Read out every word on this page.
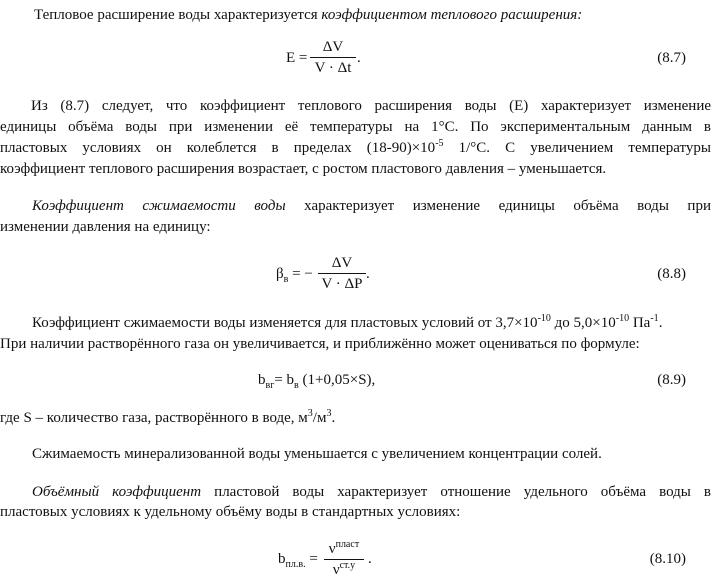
Тепловое расширение воды характеризуется коэффициентом теплового расширения:
E =
ΔV
V · Δt
.	(8.7)
Из (8.7) следует, что коэффициент теплового расширения воды (Е) характеризует изменение
единицы объёма воды при изменении её температуры на 1°С. По экспериментальным данным в
пластовых условиях он колеблется в пределах $(18-90)\times 10^{-5}$ 1/°С. С увеличением температуры
коэффициент теплового расширения возрастает, с ростом пластового давления – уменьшается.
Коэффициент сжимаемости воды характеризует изменение единицы объёма воды при
изменении давления на единицу:
$\beta_в$ = −
ΔV
V · ΔP
.	(8.8)
Коэффициент сжимаемости воды изменяется для пластовых условий от $3,7\times 10^{-10}$ до $5,0\times 10^{-10}$ $Па^{-1}$.
При наличии растворённого газа он увеличивается, и приближённо может оцениваться по формуле:
$b_{вг}= b_в$ (1+0,05×S),	(8.9)
где S – количество газа, растворённого в воде, $м^3/м^3$.
Сжимаемость минерализованной воды уменьшается с увеличением концентрации солей.
Объёмный коэффициент пластовой воды характеризует отношение удельного объёма воды в
пластовых условиях к удельному объёму воды в стандартных условиях:
$b_{пл.в.}$ =
$\nu^{пласт}$
$\nu^{ст.у}$ .	(8.10)
